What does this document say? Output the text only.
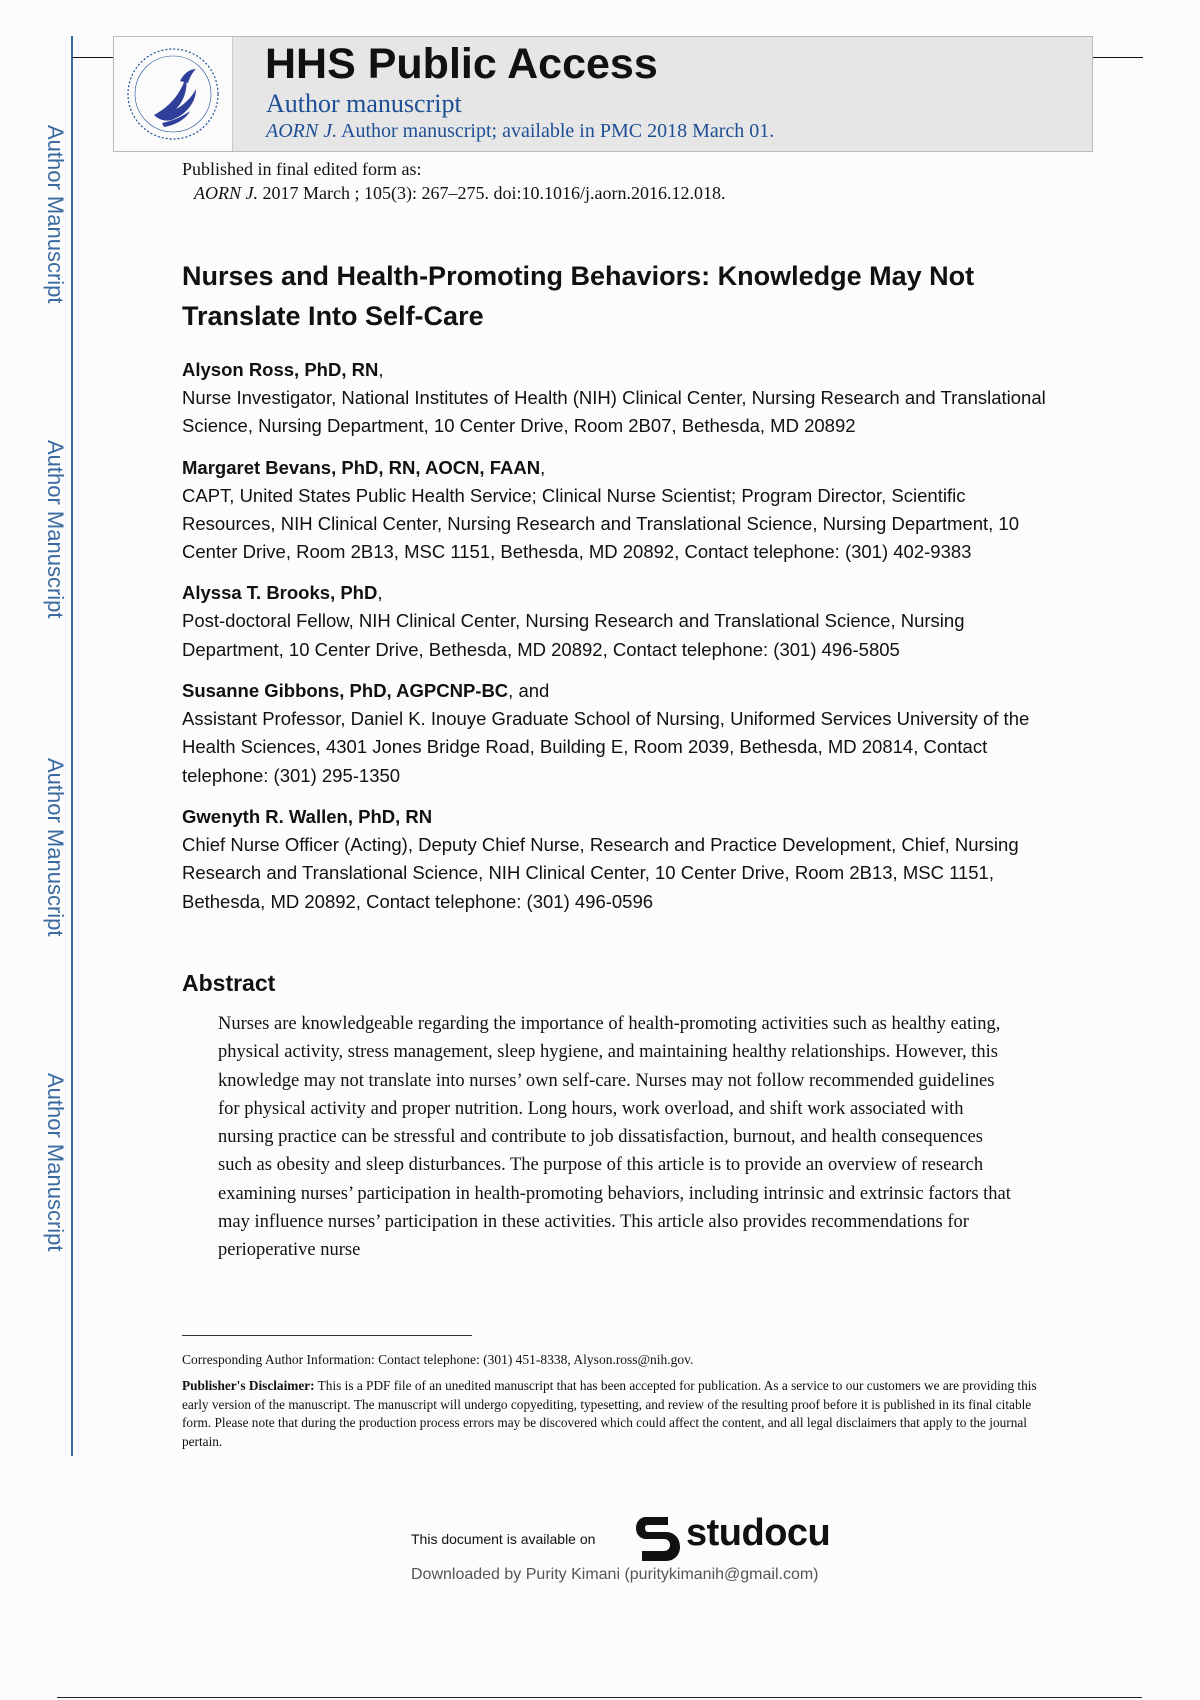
Author Manuscript
Author Manuscript
Author Manuscript
Author Manuscript
HHS Public Access
Author manuscript
AORN J. Author manuscript; available in PMC 2018 March 01.
Published in final edited form as:
AORN J. 2017 March ; 105(3): 267–275. doi:10.1016/j.aorn.2016.12.018.
Nurses and Health-Promoting Behaviors: Knowledge May Not Translate Into Self-Care
Alyson Ross, PhD, RN,
Nurse Investigator, National Institutes of Health (NIH) Clinical Center, Nursing Research and Translational Science, Nursing Department, 10 Center Drive, Room 2B07, Bethesda, MD 20892
Margaret Bevans, PhD, RN, AOCN, FAAN,
CAPT, United States Public Health Service; Clinical Nurse Scientist; Program Director, Scientific Resources, NIH Clinical Center, Nursing Research and Translational Science, Nursing Department, 10 Center Drive, Room 2B13, MSC 1151, Bethesda, MD 20892, Contact telephone: (301) 402-9383
Alyssa T. Brooks, PhD,
Post-doctoral Fellow, NIH Clinical Center, Nursing Research and Translational Science, Nursing Department, 10 Center Drive, Bethesda, MD 20892, Contact telephone: (301) 496-5805
Susanne Gibbons, PhD, AGPCNP-BC, and
Assistant Professor, Daniel K. Inouye Graduate School of Nursing, Uniformed Services University of the Health Sciences, 4301 Jones Bridge Road, Building E, Room 2039, Bethesda, MD 20814, Contact telephone: (301) 295-1350
Gwenyth R. Wallen, PhD, RN
Chief Nurse Officer (Acting), Deputy Chief Nurse, Research and Practice Development, Chief, Nursing Research and Translational Science, NIH Clinical Center, 10 Center Drive, Room 2B13, MSC 1151, Bethesda, MD 20892, Contact telephone: (301) 496-0596
Abstract
Nurses are knowledgeable regarding the importance of health-promoting activities such as healthy eating, physical activity, stress management, sleep hygiene, and maintaining healthy relationships. However, this knowledge may not translate into nurses’ own self-care. Nurses may not follow recommended guidelines for physical activity and proper nutrition. Long hours, work overload, and shift work associated with nursing practice can be stressful and contribute to job dissatisfaction, burnout, and health consequences such as obesity and sleep disturbances. The purpose of this article is to provide an overview of research examining nurses’ participation in health-promoting behaviors, including intrinsic and extrinsic factors that may influence nurses’ participation in these activities. This article also provides recommendations for perioperative nurse
Corresponding Author Information: Contact telephone: (301) 451-8338, Alyson.ross@nih.gov.
Publisher's Disclaimer: This is a PDF file of an unedited manuscript that has been accepted for publication. As a service to our customers we are providing this early version of the manuscript. The manuscript will undergo copyediting, typesetting, and review of the resulting proof before it is published in its final citable form. Please note that during the production process errors may be discovered which could affect the content, and all legal disclaimers that apply to the journal pertain.
This document is available on studocu
Downloaded by Purity Kimani (puritykimanih@gmail.com)
